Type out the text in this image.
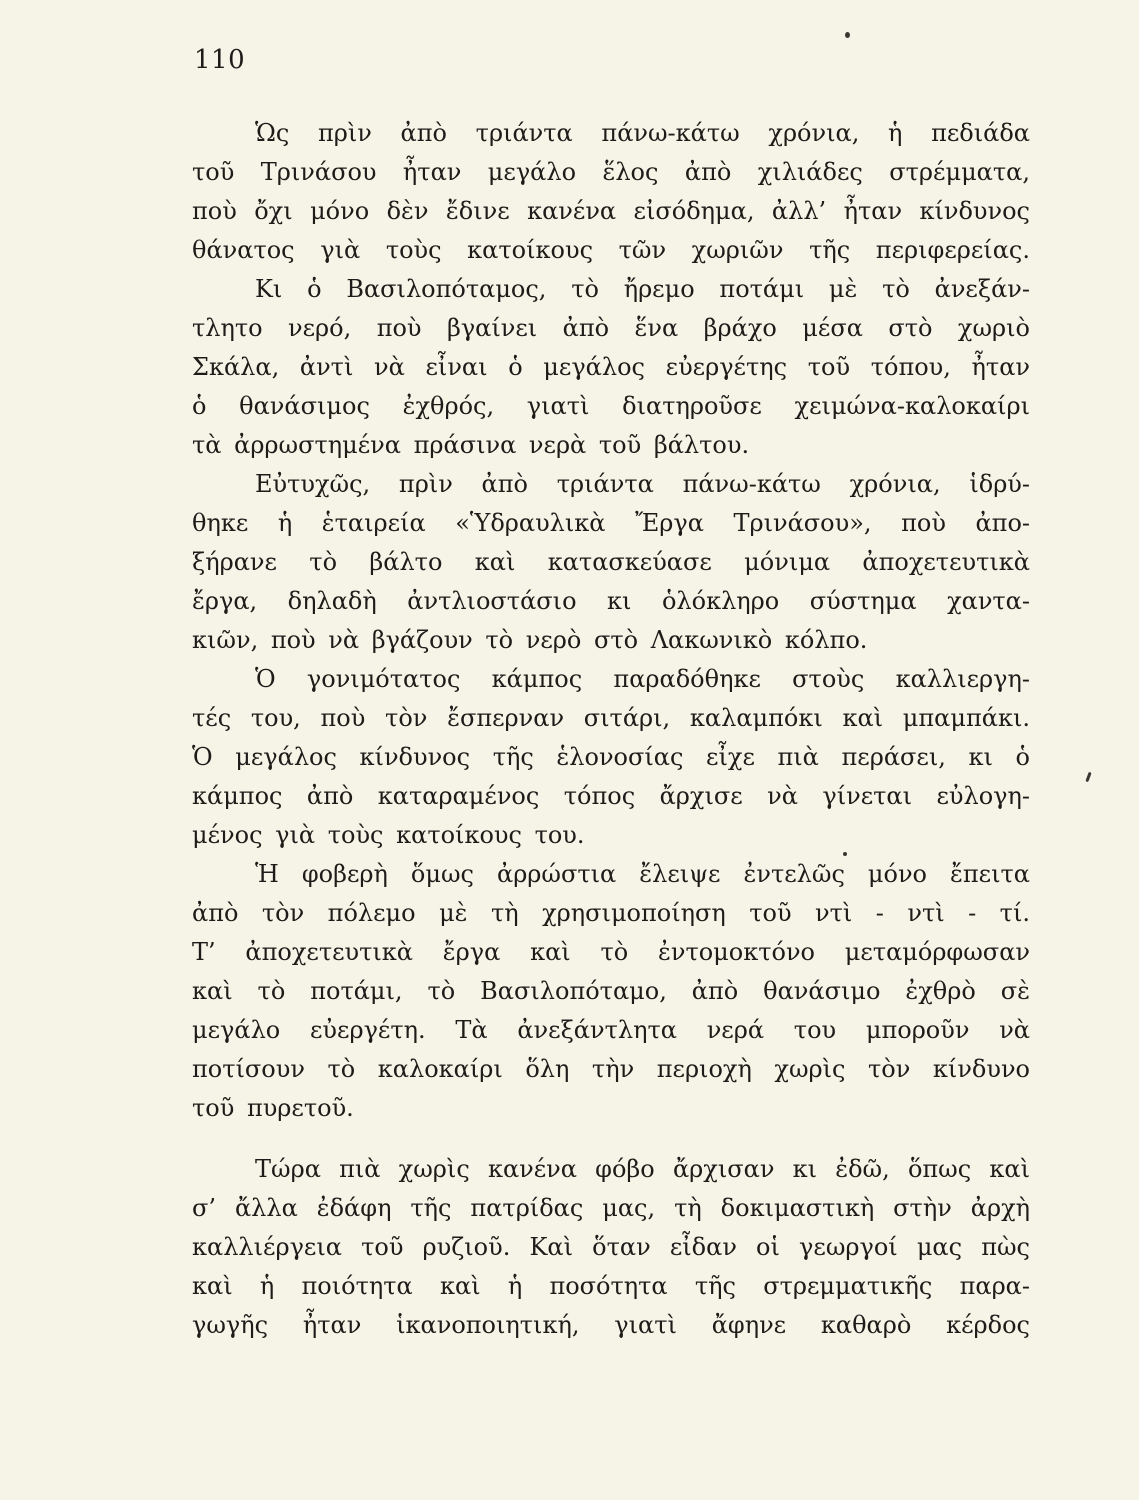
110
Ὡς πρὶν ἀπὸ τριάντα πάνω-κάτω χρόνια, ἡ πεδιάδα
τοῦ Τρινάσου ἦταν μεγάλο ἕλος ἀπὸ χιλιάδες στρέμματα,
ποὺ ὄχι μόνο δὲν ἔδινε κανένα εἰσόδημα, ἀλλ’ ἦταν κίνδυνος
θάνατος γιὰ τοὺς κατοίκους τῶν χωριῶν τῆς περιφερείας.
Κι ὁ Βασιλοπόταμος, τὸ ἤρεμο ποτάμι μὲ τὸ ἀνεξάν-
τλητο νερό, ποὺ βγαίνει ἀπὸ ἕνα βράχο μέσα στὸ χωριὸ
Σκάλα, ἀντὶ νὰ εἶναι ὁ μεγάλος εὐεργέτης τοῦ τόπου, ἦταν
ὁ θανάσιμος ἐχθρός, γιατὶ διατηροῦσε χειμώνα-καλοκαίρι
τὰ ἀρρωστημένα πράσινα νερὰ τοῦ βάλτου.
Εὐτυχῶς, πρὶν ἀπὸ τριάντα πάνω-κάτω χρόνια, ἱδρύ-
θηκε ἡ ἑταιρεία «Ὑδραυλικὰ Ἔργα Τρινάσου», ποὺ ἀπο-
ξήρανε τὸ βάλτο καὶ κατασκεύασε μόνιμα ἀποχετευτικὰ
ἔργα, δηλαδὴ ἀντλιοστάσιο κι ὁλόκληρο σύστημα χαντα-
κιῶν, ποὺ νὰ βγάζουν τὸ νερὸ στὸ Λακωνικὸ κόλπο.
Ὁ γονιμότατος κάμπος παραδόθηκε στοὺς καλλιεργη-
τές του, ποὺ τὸν ἔσπερναν σιτάρι, καλαμπόκι καὶ μπαμπάκι.
Ὁ μεγάλος κίνδυνος τῆς ἑλονοσίας εἶχε πιὰ περάσει, κι ὁ
κάμπος ἀπὸ καταραμένος τόπος ἄρχισε νὰ γίνεται εὐλογη-
μένος γιὰ τοὺς κατοίκους του.
Ἡ φοβερὴ ὅμως ἀρρώστια ἔλειψε ἐντελῶς μόνο ἔπειτα
ἀπὸ τὸν πόλεμο μὲ τὴ χρησιμοποίηση τοῦ ντὶ - ντὶ - τί.
Τ’ ἀποχετευτικὰ ἔργα καὶ τὸ ἐντομοκτόνο μεταμόρφωσαν
καὶ τὸ ποτάμι, τὸ Βασιλοπόταμο, ἀπὸ θανάσιμο ἐχθρὸ σὲ
μεγάλο εὐεργέτη. Τὰ ἀνεξάντλητα νερά του μποροῦν νὰ
ποτίσουν τὸ καλοκαίρι ὅλη τὴν περιοχὴ χωρὶς τὸν κίνδυνο
τοῦ πυρετοῦ.
Τώρα πιὰ χωρὶς κανένα φόβο ἄρχισαν κι ἐδῶ, ὅπως καὶ
σ’ ἄλλα ἐδάφη τῆς πατρίδας μας, τὴ δοκιμαστικὴ στὴν ἀρχὴ
καλλιέργεια τοῦ ρυζιοῦ. Καὶ ὅταν εἶδαν οἱ γεωργοί μας πὼς
καὶ ἡ ποιότητα καὶ ἡ ποσότητα τῆς στρεμματικῆς παρα-
γωγῆς ἦταν ἱκανοποιητική, γιατὶ ἄφηνε καθαρὸ κέρδος
